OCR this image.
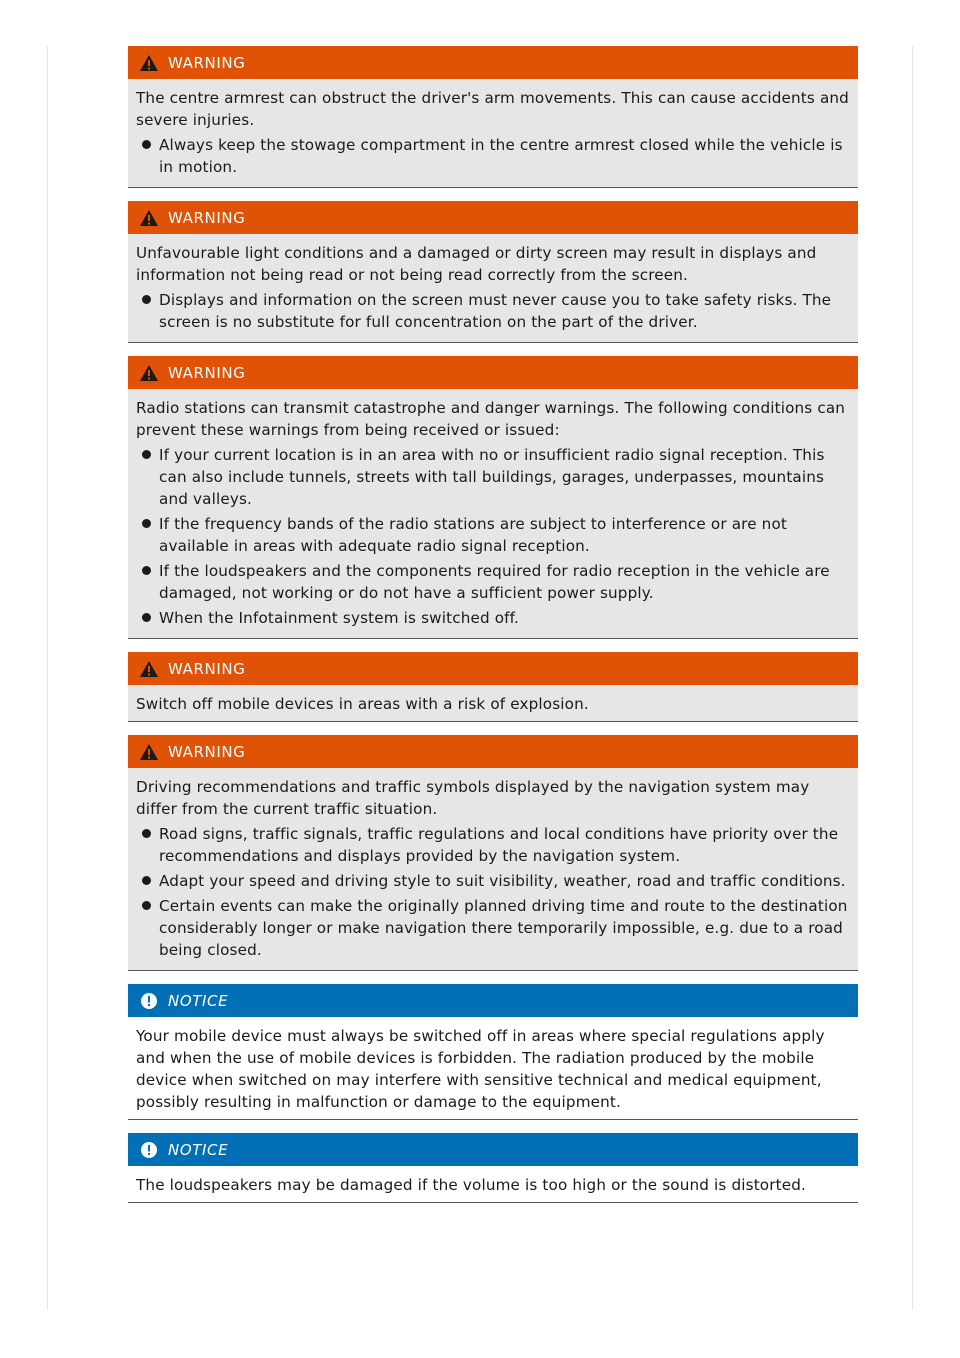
WARNING

The centre armrest can obstruct the driver's arm movements. This can cause accidents and severe injuries.

Always keep the stowage compartment in the centre armrest closed while the vehicle is in motion.
WARNING

Unfavourable light conditions and a damaged or dirty screen may result in displays and information not being read or not being read correctly from the screen.

Displays and information on the screen must never cause you to take safety risks. The screen is no substitute for full concentration on the part of the driver.
WARNING

Radio stations can transmit catastrophe and danger warnings. The following conditions can prevent these warnings from being received or issued:

If your current location is in an area with no or insufficient radio signal reception. This can also include tunnels, streets with tall buildings, garages, underpasses, mountains and valleys.
If the frequency bands of the radio stations are subject to interference or are not available in areas with adequate radio signal reception.
If the loudspeakers and the components required for radio reception in the vehicle are damaged, not working or do not have a sufficient power supply.
When the Infotainment system is switched off.
WARNING

Switch off mobile devices in areas with a risk of explosion.

WARNING

Driving recommendations and traffic symbols displayed by the navigation system may differ from the current traffic situation.

Road signs, traffic signals, traffic regulations and local conditions have priority over the recommendations and displays provided by the navigation system.
Adapt your speed and driving style to suit visibility, weather, road and traffic conditions.
Certain events can make the originally planned driving time and route to the destination considerably longer or make navigation there temporarily impossible, e.g. due to a road being closed.
NOTICE

Your mobile device must always be switched off in areas where special regulations apply and when the use of mobile devices is forbidden. The radiation produced by the mobile device when switched on may interfere with sensitive technical and medical equipment, possibly resulting in malfunction or damage to the equipment.

NOTICE

The loudspeakers may be damaged if the volume is too high or the sound is distorted.
